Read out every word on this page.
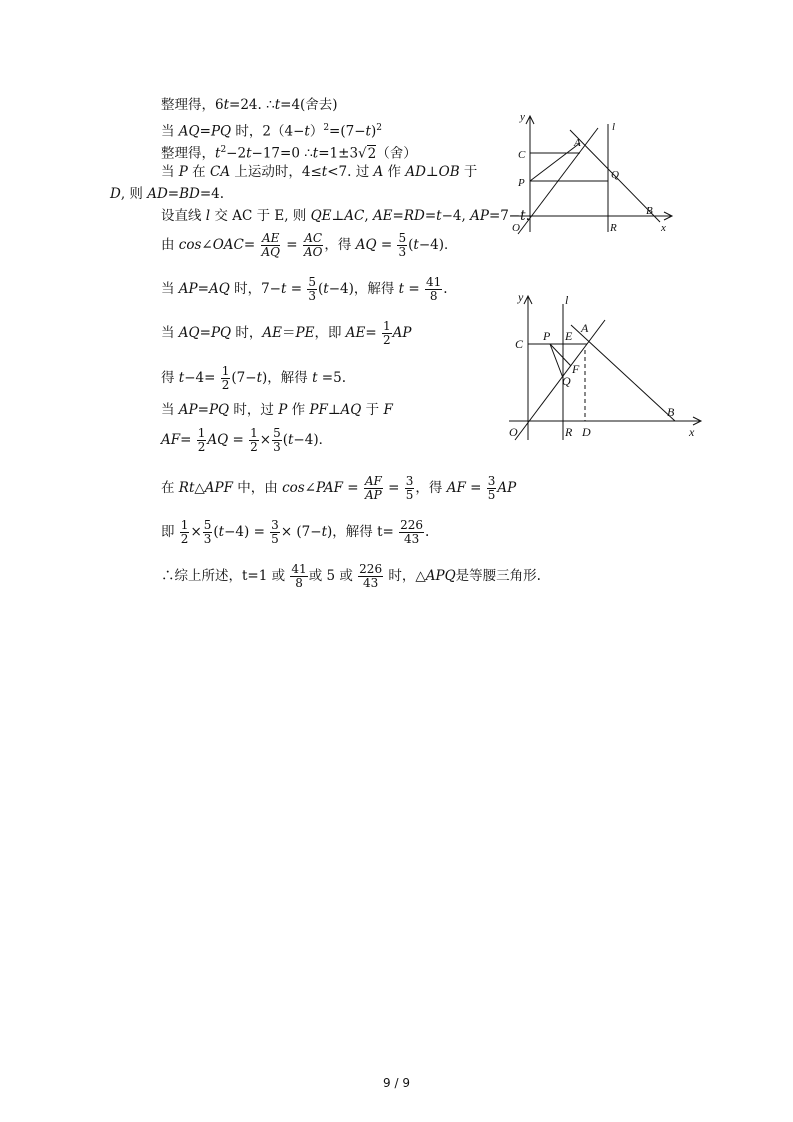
整理得，6t=24. ∴t=4(舍去)
当 AQ=PQ 时，$2(4-t)^2=(7-t)^2$
整理得，$t^2-2t-17=0$ ∴t=1±3√2（舍）
当 P 在 CA 上运动时，4≤t<7. 过 A 作 AD⊥OB 于
D, 则 AD=BD=4.
设直线 l 交 AC 于 E, 则 QE⊥AC, AE=RD=t−4, AP=7−t.
由 cos∠OAC= $\frac{AE}{AQ} = \frac{AC}{AO}$ ，得 AQ = $\frac{5}{3} (t-4)$．
当 AP=AQ 时，$7-t = \frac{5}{3} (t-4)$，解得 $t = \frac{41}{8}$ .
当 AQ=PQ 时，AE＝PE，即 $AE= \frac{1}{2}$ AP
得 $t-4= \frac{1}{2} (7-t)$，解得 t =5.
当 AP=PQ 时，过 P 作 PF⊥AQ 于 F
$AF= \frac{1}{2}$ AQ = $\frac{1}{2} \times \frac{5}{3} (t-4)$．
在 Rt△APF 中，由 cos∠PAF = $\frac{AF}{AP} = \frac{3}{5}$ ，得 AF = $\frac{3}{5}$ AP
即 $\frac{1}{2} \times \frac{5}{3} (t-4) = \frac{3}{5} \times (7-t)$，解得 $t= \frac{226}{43}$ .
∴综上所述，t=1 或 $\frac{41}{8}$ 或 5 或 $\frac{226}{43}$ 时，△APQ是等腰三角形.
y
l
A
C
P
Q
B
O	R	x
y	l
A
C
P E
F
Q
B
O	R D	x
9 / 9
